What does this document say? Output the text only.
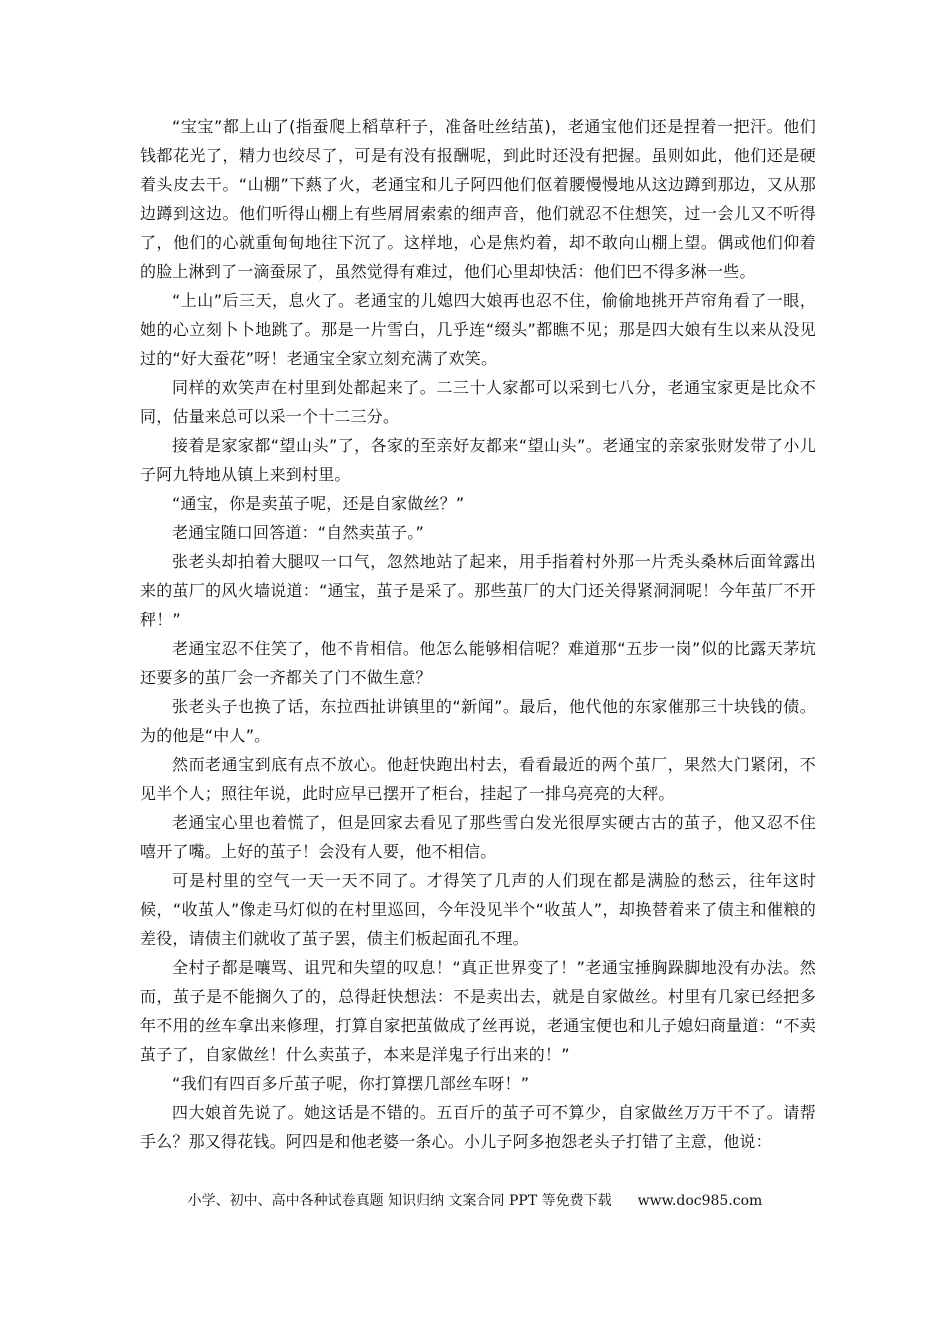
“宝宝”都上山了(指蚕爬上稻草秆子，准备吐丝结茧)，老通宝他们还是捏着一把汗。他们钱都花光了，精力也绞尽了，可是有没有报酬呢，到此时还没有把握。虽则如此，他们还是硬着头皮去干。“山棚”下爇了火，老通宝和儿子阿四他们伛着腰慢慢地从这边蹲到那边，又从那边蹲到这边。他们听得山棚上有些屑屑索索的细声音，他们就忍不住想笑，过一会儿又不听得了，他们的心就重甸甸地往下沉了。这样地，心是焦灼着，却不敢向山棚上望。偶或他们仰着的脸上淋到了一滴蚕尿了，虽然觉得有难过，他们心里却快活：他们巴不得多淋一些。

“上山”后三天，息火了。老通宝的儿媳四大娘再也忍不住，偷偷地挑开芦帘角看了一眼，她的心立刻卜卜地跳了。那是一片雪白，几乎连“缀头”都瞧不见；那是四大娘有生以来从没见过的“好大蚕花”呀！老通宝全家立刻充满了欢笑。

同样的欢笑声在村里到处都起来了。二三十人家都可以采到七八分，老通宝家更是比众不同，估量来总可以采一个十二三分。

接着是家家都“望山头”了，各家的至亲好友都来“望山头”。老通宝的亲家张财发带了小儿子阿九特地从镇上来到村里。

“通宝，你是卖茧子呢，还是自家做丝？”

老通宝随口回答道：“自然卖茧子。”

张老头却拍着大腿叹一口气，忽然地站了起来，用手指着村外那一片秃头桑林后面耸露出来的茧厂的风火墙说道：“通宝，茧子是采了。那些茧厂的大门还关得紧洞洞呢！今年茧厂不开秤！”

老通宝忍不住笑了，他不肯相信。他怎么能够相信呢？难道那“五步一岗”似的比露天茅坑还要多的茧厂会一齐都关了门不做生意？

张老头子也换了话，东拉西扯讲镇里的“新闻”。最后，他代他的东家催那三十块钱的债。为的他是“中人”。

然而老通宝到底有点不放心。他赶快跑出村去，看看最近的两个茧厂，果然大门紧闭，不见半个人；照往年说，此时应早已摆开了柜台，挂起了一排乌亮亮的大秤。

老通宝心里也着慌了，但是回家去看见了那些雪白发光很厚实硬古古的茧子，他又忍不住嘻开了嘴。上好的茧子！会没有人要，他不相信。

可是村里的空气一天一天不同了。才得笑了几声的人们现在都是满脸的愁云，往年这时候，“收茧人”像走马灯似的在村里巡回，今年没见半个“收茧人”，却换替着来了债主和催粮的差役，请债主们就收了茧子罢，债主们板起面孔不理。

全村子都是嚷骂、诅咒和失望的叹息！“真正世界变了！”老通宝捶胸跺脚地没有办法。然而，茧子是不能搁久了的，总得赶快想法：不是卖出去，就是自家做丝。村里有几家已经把多年不用的丝车拿出来修理，打算自家把茧做成了丝再说，老通宝便也和儿子媳妇商量道：“不卖茧子了，自家做丝！什么卖茧子，本来是洋鬼子行出来的！”

“我们有四百多斤茧子呢，你打算摆几部丝车呀！”

四大娘首先说了。她这话是不错的。五百斤的茧子可不算少，自家做丝万万干不了。请帮手么？那又得花钱。阿四是和他老婆一条心。小儿子阿多抱怨老头子打错了主意，他说：

小学、初中、高中各种试卷真题 知识归纳 文案合同 PPT 等免费下载 www.doc985.com
